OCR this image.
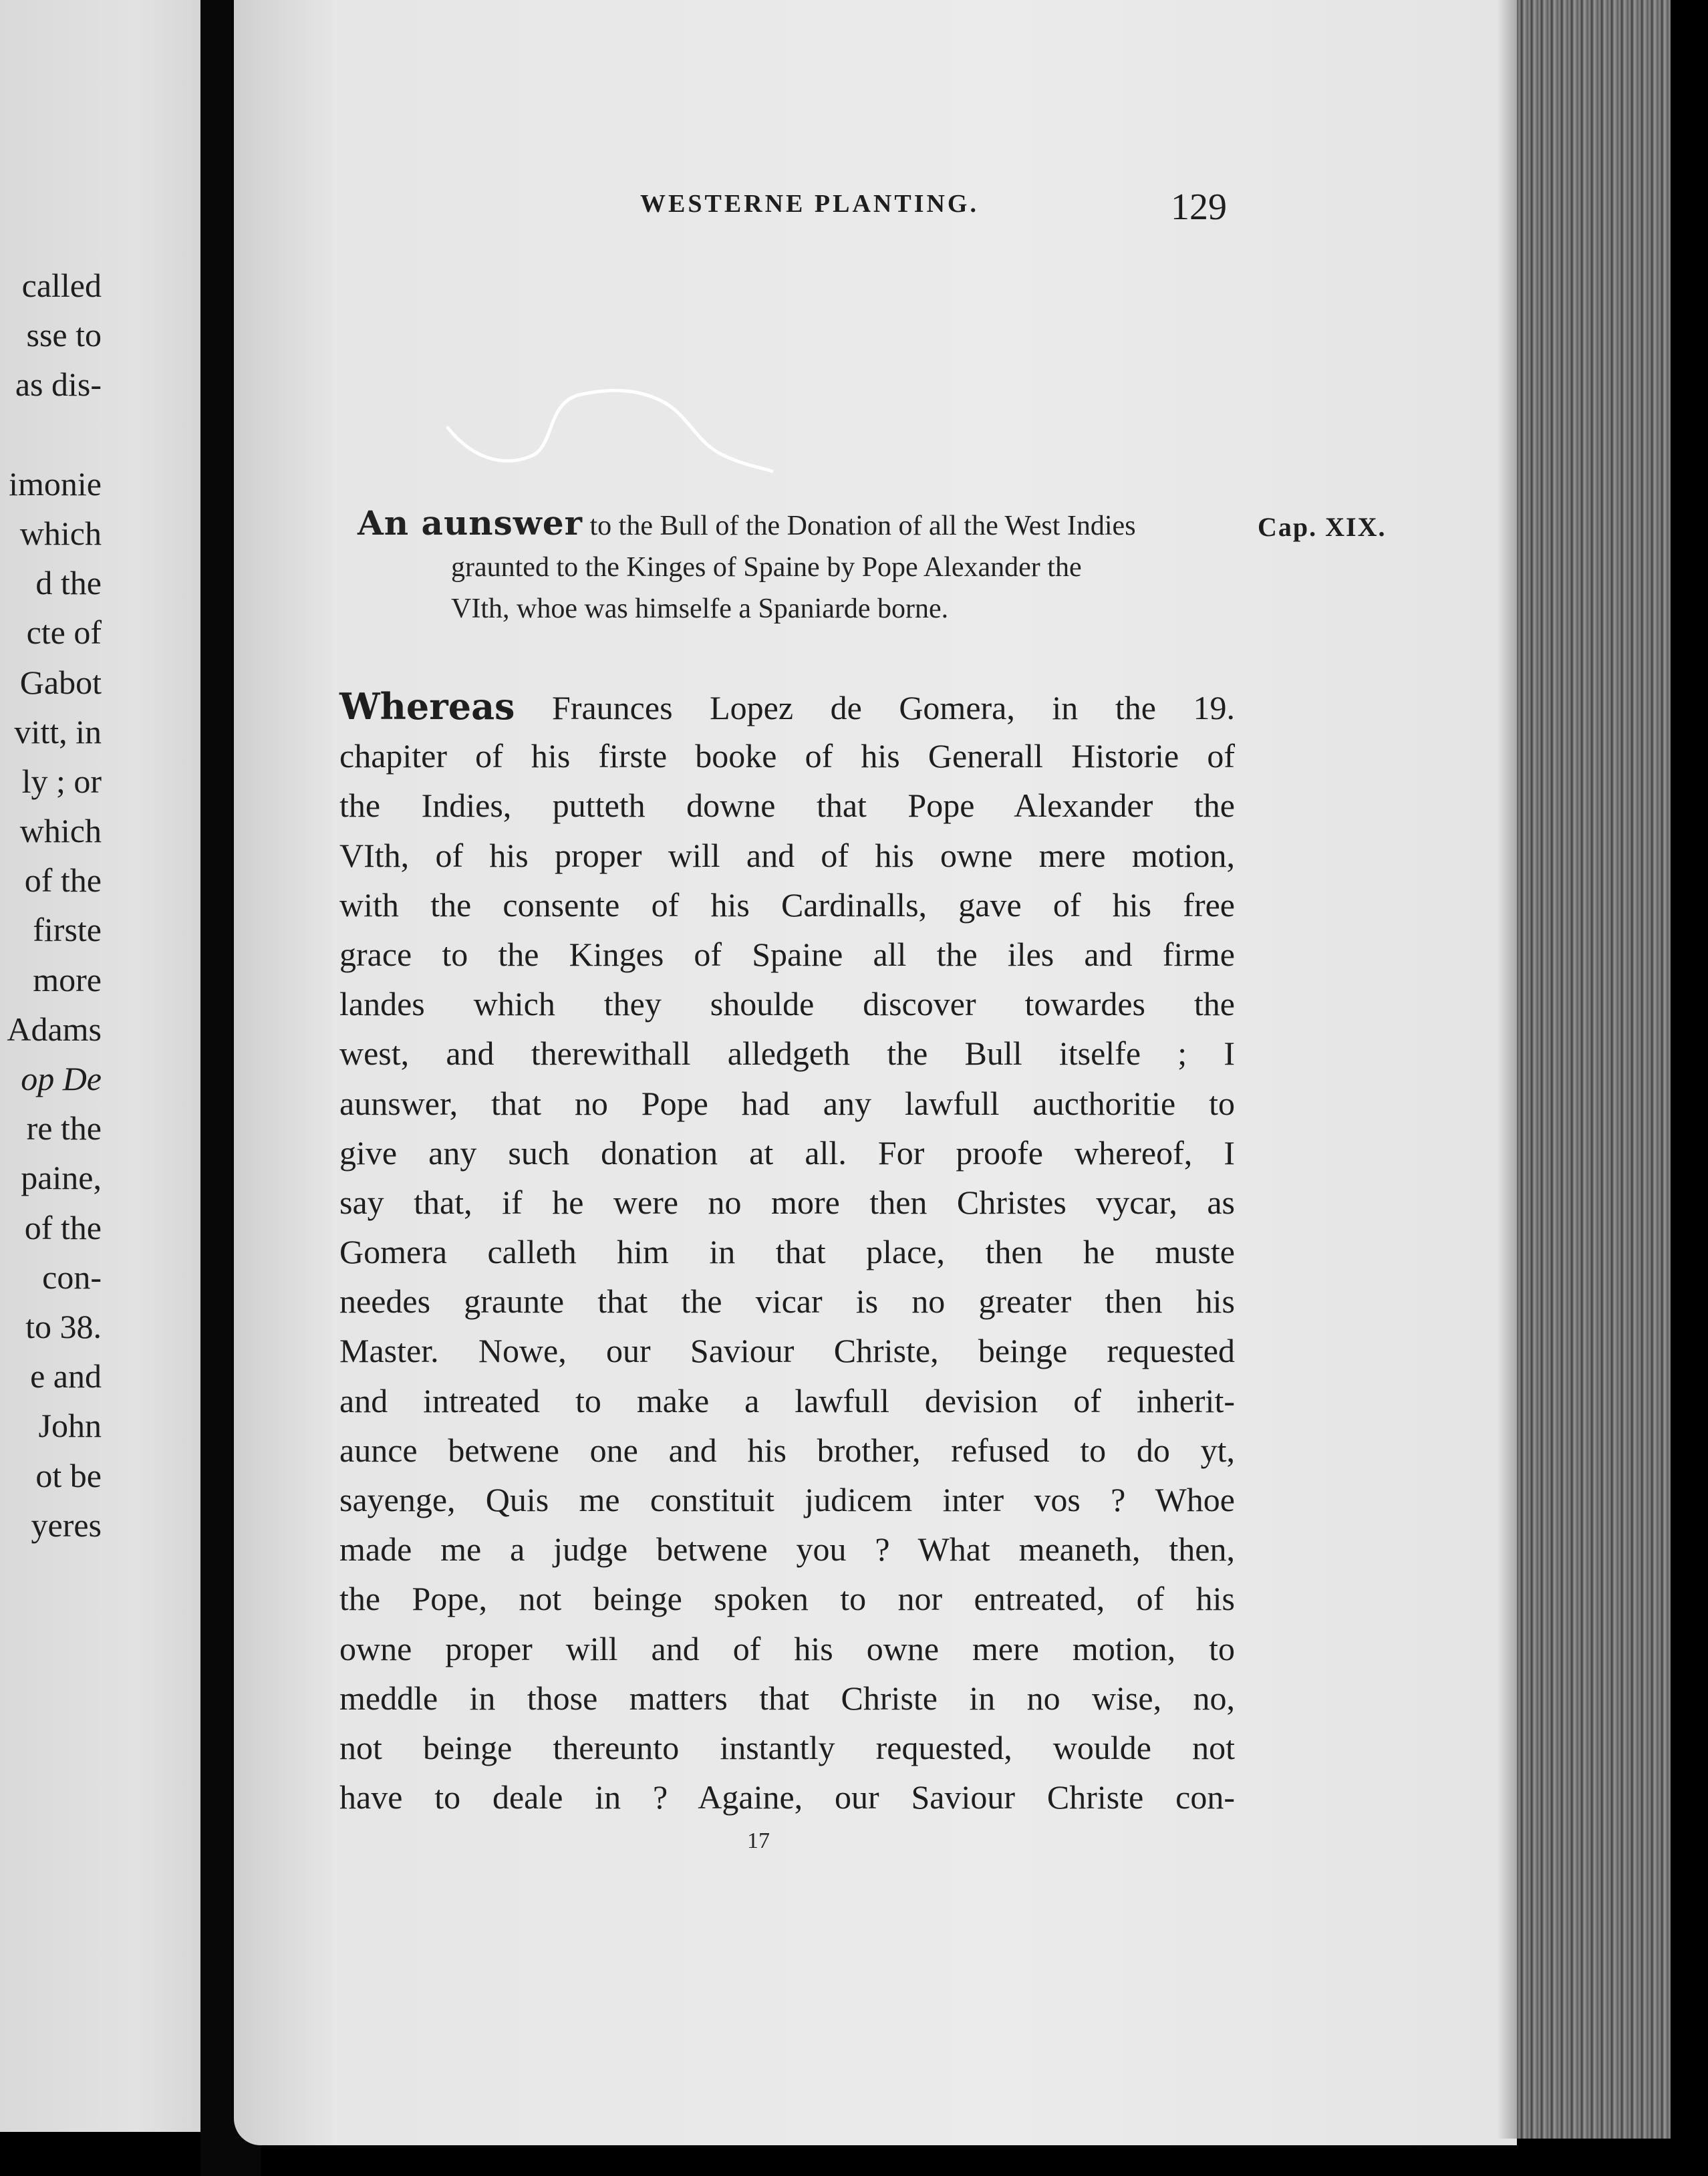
called
sse to
as dis-
imonie
which
d the
cte of
Gabot
vitt, in
ly ; or
which
of the
firste
more
Adams
op De
re the
paine,
of the
con-
to 38.
e and
John
ot be
yeres
WESTERNE PLANTING.	129
An aunswer to the Bull of the Donation of all the West Indies
graunted to the Kinges of Spaine by Pope Alexander the
VIth, whoe was himselfe a Spaniarde borne.
Cap. XIX.
Whereas Fraunces Lopez de Gomera, in the 19.
chapiter of his firste booke of his Generall Historie of
the Indies, putteth downe that Pope Alexander the
VIth, of his proper will and of his owne mere motion,
with the consente of his Cardinalls, gave of his free
grace to the Kinges of Spaine all the iles and firme
landes which they shoulde discover towardes the
west, and therewithall alledgeth the Bull itselfe ; I
aunswer, that no Pope had any lawfull aucthoritie to
give any such donation at all. For proofe whereof, I
say that, if he were no more then Christes vycar, as
Gomera calleth him in that place, then he muste
needes graunte that the vicar is no greater then his
Master. Nowe, our Saviour Christe, beinge requested
and intreated to make a lawfull devision of inherit-
aunce betwene one and his brother, refused to do yt,
sayenge, Quis me constituit judicem inter vos ? Whoe
made me a judge betwene you ? What meaneth, then,
the Pope, not beinge spoken to nor entreated, of his
owne proper will and of his owne mere motion, to
meddle in those matters that Christe in no wise, no,
not beinge thereunto instantly requested, woulde not
have to deale in ? Againe, our Saviour Christe con-
17
